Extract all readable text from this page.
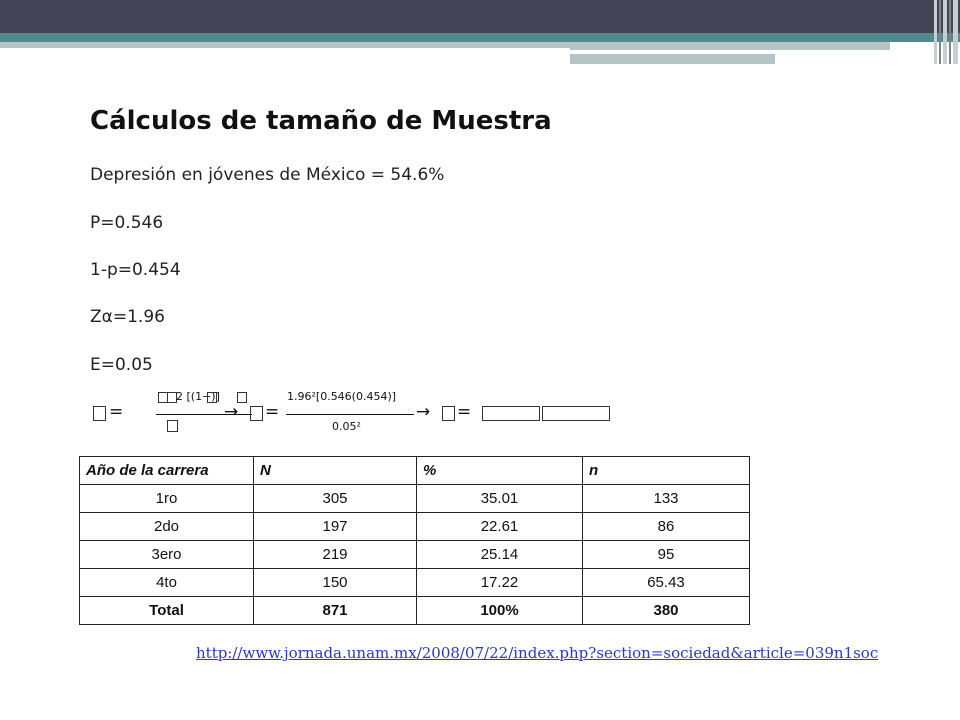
Cálculos de tamaño de Muestra
Depresión en jóvenes de México = 54.6%
P=0.546
1-p=0.454
Zα=1.96
E=0.05
=
2 [(1−)]
→ =
1.96²[0.546(0.454)]
0.05²
→ =
Año de la carrera	N	%	n
1ro	305	35.01	133
2do	197	22.61	86
3ero	219	25.14	95
4to	150	17.22	65.43
Total	871	100%	380
http://www.jornada.unam.mx/2008/07/22/index.php?section=sociedad&article=039n1soc
